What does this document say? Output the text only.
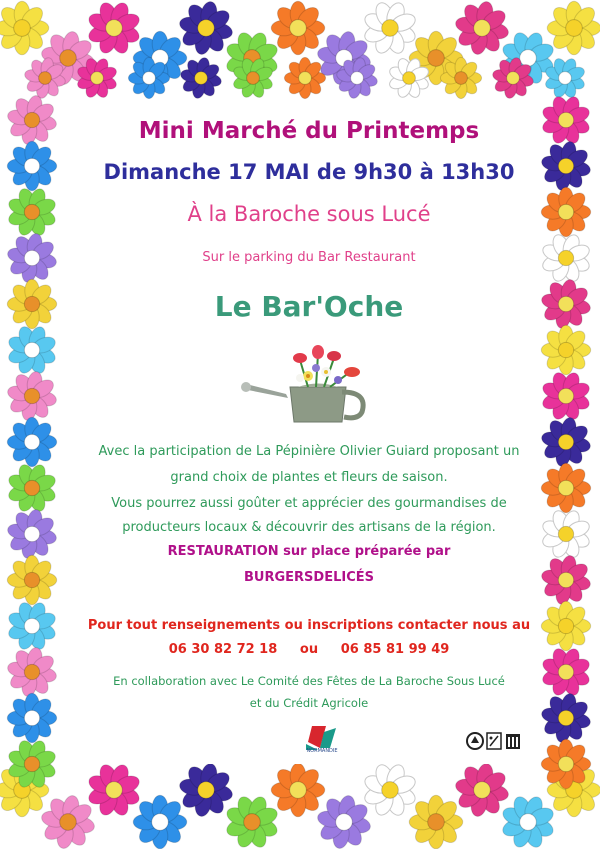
Mini Marché du Printemps
Dimanche 17 MAI de 9h30 à 13h30
À la Baroche sous Lucé
Sur le parking du Bar Restaurant
Le Bar'Oche
Avec la participation de La Pépinière Olivier Guiard proposant un
grand choix de plantes et fleurs de saison.
Vous pourrez aussi goûter et apprécier des gourmandises de
producteurs locaux & découvrir des artisans de la région.
RESTAURATION sur place préparée par
BURGERSDELICÉS
Pour tout renseignements ou inscriptions contacter nous au
06 30 82 72 18     ou     06 85 81 99 49
En collaboration avec Le Comité des Fêtes de La Baroche Sous Lucé
et du Crédit Agricole
NORMANDIE
